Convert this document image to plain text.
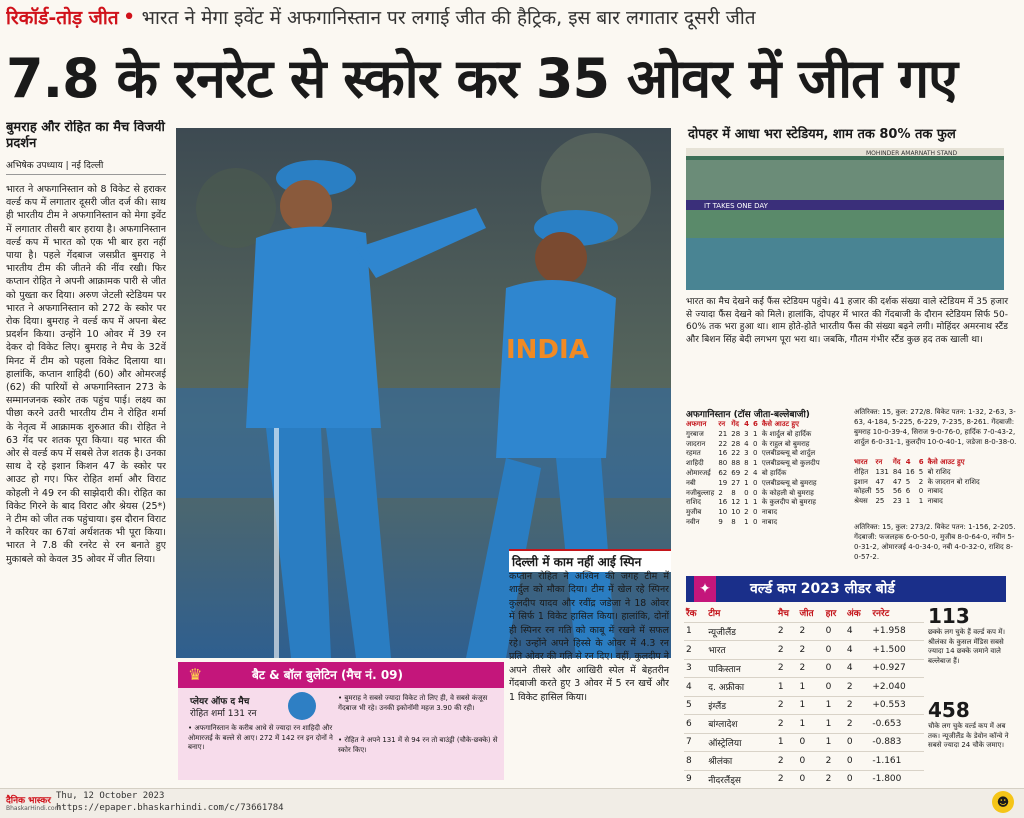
रिकॉर्ड-तोड़ जीत • भारत ने मेगा इवेंट में अफगानिस्तान पर लगाई जीत की हैट्रिक, इस बार लगातार दूसरी जीत
7.8 के रनरेट से स्कोर कर 35 ओवर में जीत गए
बुमराह और रोहित का मैच विजयी प्रदर्शन
अभिषेक उपध्याय | नई दिल्ली
भारत ने अफगानिस्तान को 8 विकेट से हराकर वर्ल्ड कप में लगातार दूसरी जीत दर्ज की। साथ ही भारतीय टीम ने अफगानिस्तान को मेगा इवेंट में लगातार तीसरी बार हराया है। अफगानिस्तान वर्ल्ड कप में भारत को एक भी बार हरा नहीं पाया है। पहले गेंदबाज जसप्रीत बुमराह ने भारतीय टीम की जीतने की नींव रखी। फिर कप्तान रोहित ने अपनी आक्रामक पारी से जीत को पुख्ता कर दिया। अरुण जेटली स्टेडियम पर भारत ने अफगानिस्तान को 272 के स्कोर पर रोक दिया। बुमराह ने वर्ल्ड कप में अपना बेस्ट प्रदर्शन किया। उन्होंने 10 ओवर में 39 रन देकर दो विकेट लिए। बुमराह ने मैच के 32वें मिनट में टीम को पहला विकेट दिलाया था। हालांकि, कप्तान शाहिदी (60) और ओमरजई (62) की पारियों से अफगानिस्तान 273 के सम्मानजनक स्कोर तक पहुंच पाई। लक्ष्य का पीछा करने उतरी भारतीय टीम ने रोहित शर्मा के नेतृत्व में आक्रामक शुरुआत की। रोहित ने 63 गेंद पर शतक पूरा किया। यह भारत की ओर से वर्ल्ड कप में सबसे तेज शतक है। उनका साथ दे रहे इशान किशन 47 के स्कोर पर आउट हो गए। फिर रोहित शर्मा और विराट कोहली ने 49 रन की साझेदारी की। रोहित का विकेट गिरने के बाद विराट और श्रेयस (25*) ने टीम को जीत तक पहुंचाया। इस दौरान विराट ने करियर का 67वां अर्धशतक भी पूरा किया। भारत ने 7.8 की रनरेट से रन बनाते हुए मुकाबले को केवल 35 ओवर में जीत लिया।
INDIA
दोपहर में आधा भरा स्टेडियम, शाम तक 80% तक फुल
MOHINDER AMARNATH STAND
IT TAKES ONE DAY
भारत का मैच देखने कई फैंस स्टेडियम पहुंचे। 41 हजार की दर्शक संख्या वाले स्टेडियम में 35 हजार से ज्यादा फैंस देखने को मिले। हालांकि, दोपहर में भारत की गेंदबाजी के दौरान स्टेडियम सिर्फ 50-60% तक भरा हुआ था। शाम होते-होते भारतीय फैंस की संख्या बढ़ने लगी। मोहिंदर अमरनाथ स्टैंड और बिशन सिंह बेदी लगभग पूरा भरा था। जबकि, गौतम गंभीर स्टैंड कुछ हद तक खाली था।
अफगानिस्तान (टॉस जीता-बल्लेबाजी)
अफगान	रन	गेंद	4	6	कैसे आउट हुए
गुरबाज	21	28	3	1	के शार्दुल बो हार्दिक
जादरान	22	28	4	0	के राहुल बो बुमराह
रहमत	16	22	3	0	एलबीडब्ल्यू बो शार्दुल
शाहिदी	80	88	8	1	एलबीडब्ल्यू बो कुलदीप
ओमारजई	62	69	2	4	बो हार्दिक
नबी	19	27	1	0	एलबीडब्ल्यू बो बुमराह
नजीबुल्लाह	2	8	0	0	के कोहली बो बुमराह
राशिद	16	12	1	1	के कुलदीप बो बुमराह
मुजीब	10	10	2	0	नाबाद
नवीन	9	8	1	0	नाबाद
अतिरिक्त: 15, कुल: 272/8. विकेट पतन: 1-32, 2-63, 3-63, 4-184, 5-225, 6-229, 7-235, 8-261. गेंदबाजी: बुमराह 10-0-39-4, सिराज 9-0-76-0, हार्दिक 7-0-43-2, शार्दुल 6-0-31-1, कुलदीप 10-0-40-1, जडेजा 8-0-38-0.
भारत	रन	गेंद	4	6	कैसे आउट हुए
रोहित	131	84	16	5	बो राशिद
इशान	47	47	5	2	के जादरान बो राशिद
कोहली	55	56	6	0	नाबाद
श्रेयस	25	23	1	1	नाबाद
अतिरिक्त: 15, कुल: 273/2. विकेट पतन: 1-156, 2-205. गेंदबाजी: फजलहक 6-0-50-0, मुजीब 8-0-64-0, नवीन 5-0-31-2, ओमारजई 4-0-34-0, नबी 4-0-32-0, राशिद 8-0-57-2.
दिल्ली में काम नहीं आई स्पिन
कप्तान रोहित ने अश्विन की जगह टीम में शार्दुल को मौका दिया। टीम में खेल रहे स्पिनर कुलदीप यादव और रवींद्र जडेजा ने 18 ओवर में सिर्फ 1 विकेट हासिल किया। हालांकि, दोनों ही स्पिनर रन गति को काबू में रखने में सफल रहे। उन्होंने अपने हिस्से के ओवर में 4.3 रन प्रति ओवर की गति से रन दिए। वहीं, कुलदीप ने अपने तीसरे और आखिरी स्पेल में बेहतरीन गेंदबाजी करते हुए 3 ओवर में 5 रन खर्चे और 1 विकेट हासिल किया।
♛	बैट & बॉल बुलेटिन (मैच नं. 09)
प्लेयर ऑफ द मैच
रोहित शर्मा 131 रन
• अफगानिस्तान के करीब आधे से ज्यादा रन शाहिदी और ओमारजई के बल्ले से आए। 272 में 142 रन इन दोनों ने बनाए।
• बुमराह ने सबसे ज्यादा विकेट तो लिए ही, वे सबसे कंजूस गेंदबाज भी रहे। उनकी इकोनॉमी महज 3.90 की रही।
• रोहित ने अपने 131 में से 94 रन तो बाउंड्री (चौके-छक्के) से स्कोर किए।
✦	वर्ल्ड कप 2023 लीडर बोर्ड
रैंक	टीम	मैच	जीत	हार	अंक	रनरेट
1	न्यूजीलैंड	2	2	0	4	+1.958
2	भारत	2	2	0	4	+1.500
3	पाकिस्तान	2	2	0	4	+0.927
4	द. अफ्रीका	1	1	0	2	+2.040
5	इंग्लैंड	2	1	1	2	+0.553
6	बांग्लादेश	2	1	1	2	-0.653
7	ऑस्ट्रेलिया	1	0	1	0	-0.883
8	श्रीलंका	2	0	2	0	-1.161
9	नीदरलैंड्स	2	0	2	0	-1.800

113
छक्के लग चुके हैं वर्ल्ड कप में। श्रीलंका के कुसल मेंडिस सबसे ज्यादा 14 छक्के जमाने वाले बल्लेबाज हैं।
458
चौके लग चुके वर्ल्ड कप में अब तक। न्यूजीलैंड के डेवोन कॉन्वे ने सबसे ज्यादा 24 चौके जमाए।
दैनिक भास्कर
BhaskarHindi.com
Thu, 12 October 2023
https://epaper.bhaskarhindi.com/c/73661784	☻
